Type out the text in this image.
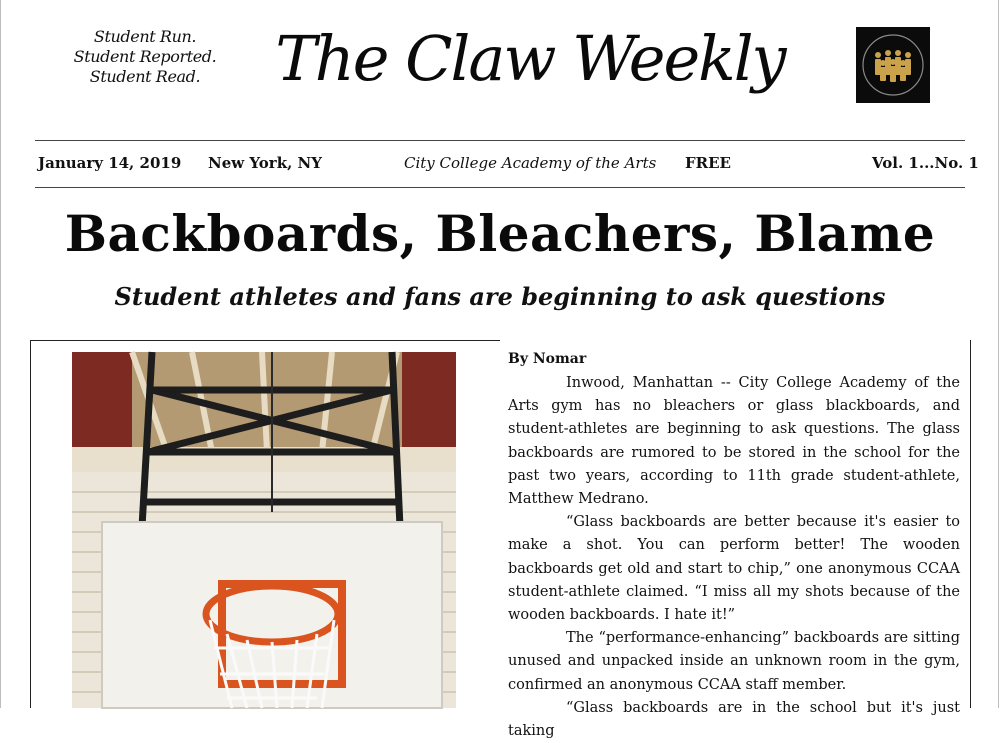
Student Run.
Student Reported.
Student Read.	The Claw Weekly
January 14, 2019 New York, NY	City College Academy of the Arts FREE	Vol. 1...No. 1
Backboards, Bleachers, Blame
Student athletes and fans are beginning to ask questions
By Nomar

Inwood, Manhattan -- City College Academy of the Arts gym has no bleachers or glass blackboards, and student-athletes are beginning to ask questions. The glass backboards are rumored to be stored in the school for the past two years, according to 11th grade student-athlete, Matthew Medrano.

“Glass backboards are better because it's easier to make a shot. You can perform better! The wooden backboards get old and start to chip,” one anonymous CCAA student-athlete claimed. “I miss all my shots because of the wooden backboards. I hate it!”

The “performance-enhancing” backboards are sitting unused and unpacked inside an unknown room in the gym, confirmed an anonymous CCAA staff member.

“Glass backboards are in the school but it's just taking
